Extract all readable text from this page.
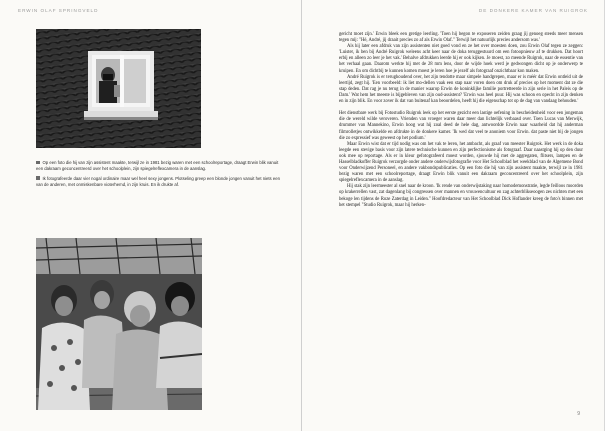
ERWIN OLAF SPRINGVELD

Op een foto die hij van zijn assistent maakte, terwijl ze in 1981 bezig waren met een schoolreportage, draagt Erwin blik vanuit een dakraam geconcentreerd over het schoolplein, zijn spiegelreflexcamera in de aanslag.

Ik fotografeerde daar vier nogal ordinaire maar wel heel sexy jongens. Plotseling greep een blonde jongen vanuit het niets een van de anderen, met onmiskenbare vioterhemd, in zijn kruis. En ik drukte af.

DE DONKERE KAMER VAN RUIGROK

gericht moet zijn.' Erwin bleek een gretige leerling. 'Toen hij begon te exposeren zeiden graag jij genoeg steeds meer mensen tegen mij: "Hé, André, jij draait precies zo af als Erwin Olaf." Terwijl het natuurlijk precies andersom was.'

Als hij later een afdruk van zijn assistenten niet goed vond en ze het over moesten doen, zou Erwin Olaf tegen ze zeggen: 'Luister, ik ben bij André Ruigrok weleens acht keer naar de doka teruggestuurd om een fotoopnieuw af te drukken. Dat hoort erbij en alleen zo leer je het vak.' Behalve afdrukken leerde hij er ook kijken. Je moest, zo meende Ruigrok, naar de essentie van het verhaal gaan. Daarom werkte hij met de 28 mm lens, door de wijde hoek werd je gedwongen dicht op je onderwerp te kruipen. En om dichtbij te kunnen komen moest je leren hoe je jezelf als fotograaf onzichtbaar kon maken.

André Ruigrok is er terughoudend over, het zijn tendotte maar simpele handgrepen, maar er is méér dat Erwin ontleid uit de leertijd, zegt hij. 'Een voorbeeld: ik liet mo-dellen vaak een stap naar voren doen om druk af precies op het moment dat ze die stap deden. Dat rag je nu terug in de manier waarop Erwin de koninklijke familie portretteerde in zijn serie in het Paleis op de Dam.' Wat hem het meeste is bijgebleven van zijn oud-assistent? 'Erwin was heel puur. Hij was schoon en opecht in zijn denken en in zijn blik. En voor zover ik dat van buitenaf kan beoordelen, heeft hij die eigenschap tot op de dag van vandaag behouden.'

Het dienstbare werk bij Fotostudio Ruigrok leek op het eerste gezicht een lastige oefening in bescheidenheid voor een jongeman die de wereld wilde veroveren. Vrienden van vroeger waren daar meer dan lichtelijk verbaasd over. Toen Lucas van Merwijk, drummer van Mannekino, Erwin hoog wat hij zoal deed de hele dag, antwoordde Erwin naar waarheid dat hij anderman filmrolletjes ontwikkelde en afdrukte in de donkere kamer. 'Ik wed dat veel te anoniem voor Erwin. dat paste niet bij de jongen die zo expressief was geweest op het podium.'

Maar Erwin wist dat er tijd nodig was om het vak te leren, het ambacht, als graaf van meester Ruigrok. Het werk in de doka leegde een stevige basis voor zijn latere technische kunnen en zijn perfectionisme als fotograaf. Daar naastging hij op den duur ook mee op reportage. Als er in kleur gefotografeerd moest worden, sjouwde hij met de aggregaten, flitsers, lampen en de Hasselbladkoffer Ruigrok verzorgde onder andere onderwijsfotografie voor Het Schoolblad het weekblad van de Algemene Bond voor Onderwijzend Personeel, en andere vakbondspublicaties. Op een foto die hij van zijn assistent maakte, terwijl ze in 1981 bezig waren met een schoolreportage, draagt Erwin blik vanuit een dakraam geconcentreerd over het schoolplein, zijn spiegelreflexcamera in de aanslag.

Hij stak zijn leermeester al snel naar de kroon. 'Ik rende van onderwijstaking naar homodemonstratie, legde feilloos moorden op krakerrellen vast, zat dagenlang bij congressen over mannen en vrouwencultuur en zag achterblikseoogen zes nichten met een bekoge len tijdens de Roze Zaterdag in Leiden.'' Hoofdredacteur van Het Schoolblad Dick Hoflander kreeg de foto's binnen met het stempel "Studio Ruigrok, maar hij herken-

9
